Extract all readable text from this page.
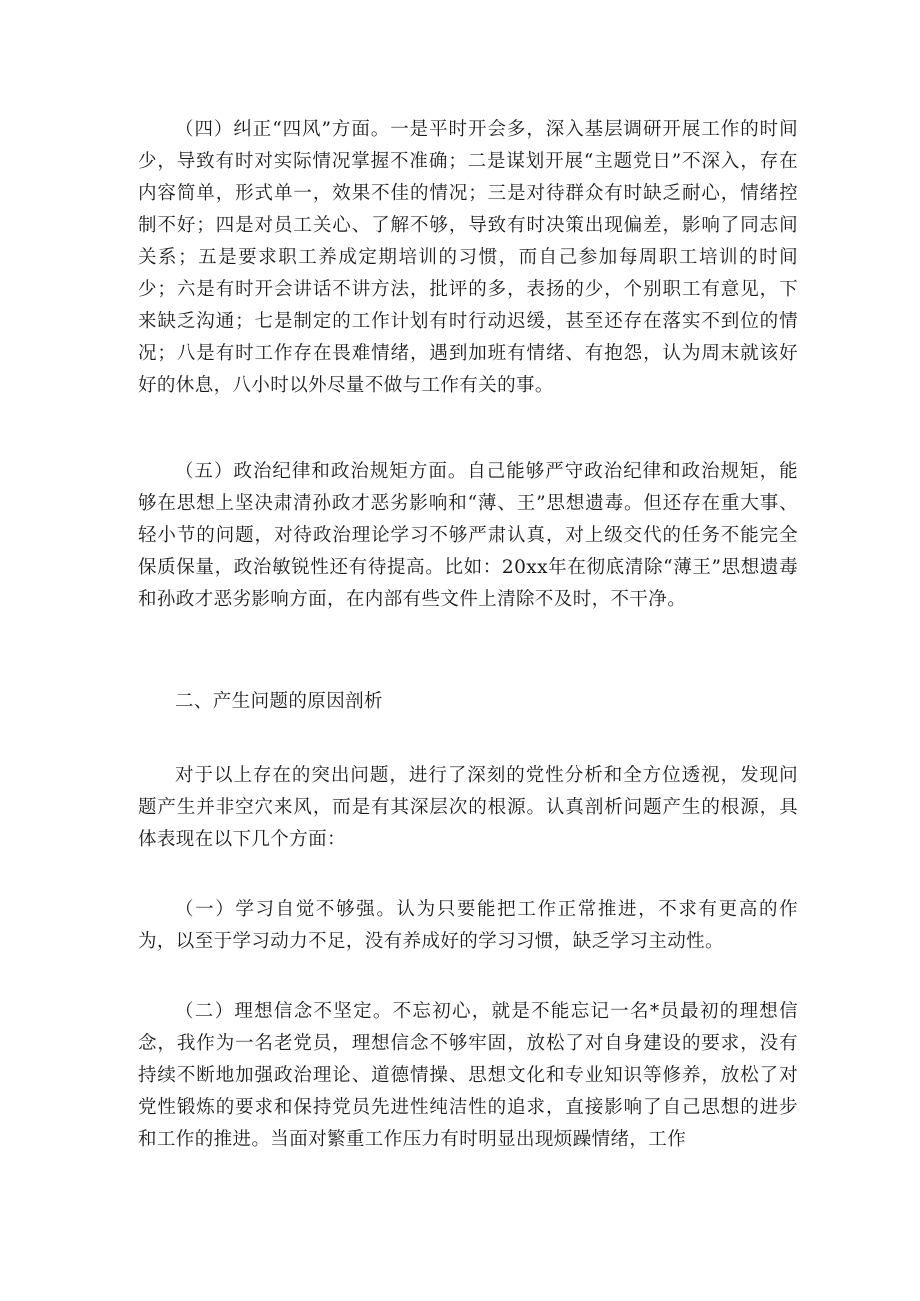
（四）纠正“四风”方面。一是平时开会多，深入基层调研开展工作的时间少，导致有时对实际情况掌握不准确；二是谋划开展“主题党日”不深入，存在内容简单，形式单一，效果不佳的情况；三是对待群众有时缺乏耐心，情绪控制不好；四是对员工关心、了解不够，导致有时决策出现偏差，影响了同志间关系；五是要求职工养成定期培训的习惯，而自己参加每周职工培训的时间少；六是有时开会讲话不讲方法，批评的多，表扬的少，个别职工有意见，下来缺乏沟通；七是制定的工作计划有时行动迟缓，甚至还存在落实不到位的情况；八是有时工作存在畏难情绪，遇到加班有情绪、有抱怨，认为周末就该好好的休息，八小时以外尽量不做与工作有关的事。

（五）政治纪律和政治规矩方面。自己能够严守政治纪律和政治规矩，能够在思想上坚决肃清孙政才恶劣影响和“薄、王”思想遗毒。但还存在重大事、轻小节的问题，对待政治理论学习不够严肃认真，对上级交代的任务不能完全保质保量，政治敏锐性还有待提高。比如：20xx年在彻底清除“薄王”思想遗毒和孙政才恶劣影响方面，在内部有些文件上清除不及时，不干净。

二、产生问题的原因剖析

对于以上存在的突出问题，进行了深刻的党性分析和全方位透视，发现问题产生并非空穴来风，而是有其深层次的根源。认真剖析问题产生的根源，具体表现在以下几个方面：

（一）学习自觉不够强。认为只要能把工作正常推进，不求有更高的作为，以至于学习动力不足，没有养成好的学习习惯，缺乏学习主动性。

（二）理想信念不坚定。不忘初心，就是不能忘记一名*员最初的理想信念，我作为一名老党员，理想信念不够牢固，放松了对自身建设的要求，没有持续不断地加强政治理论、道德情操、思想文化和专业知识等修养，放松了对党性锻炼的要求和保持党员先进性纯洁性的追求，直接影响了自己思想的进步和工作的推进。当面对繁重工作压力有时明显出现烦躁情绪，工作
